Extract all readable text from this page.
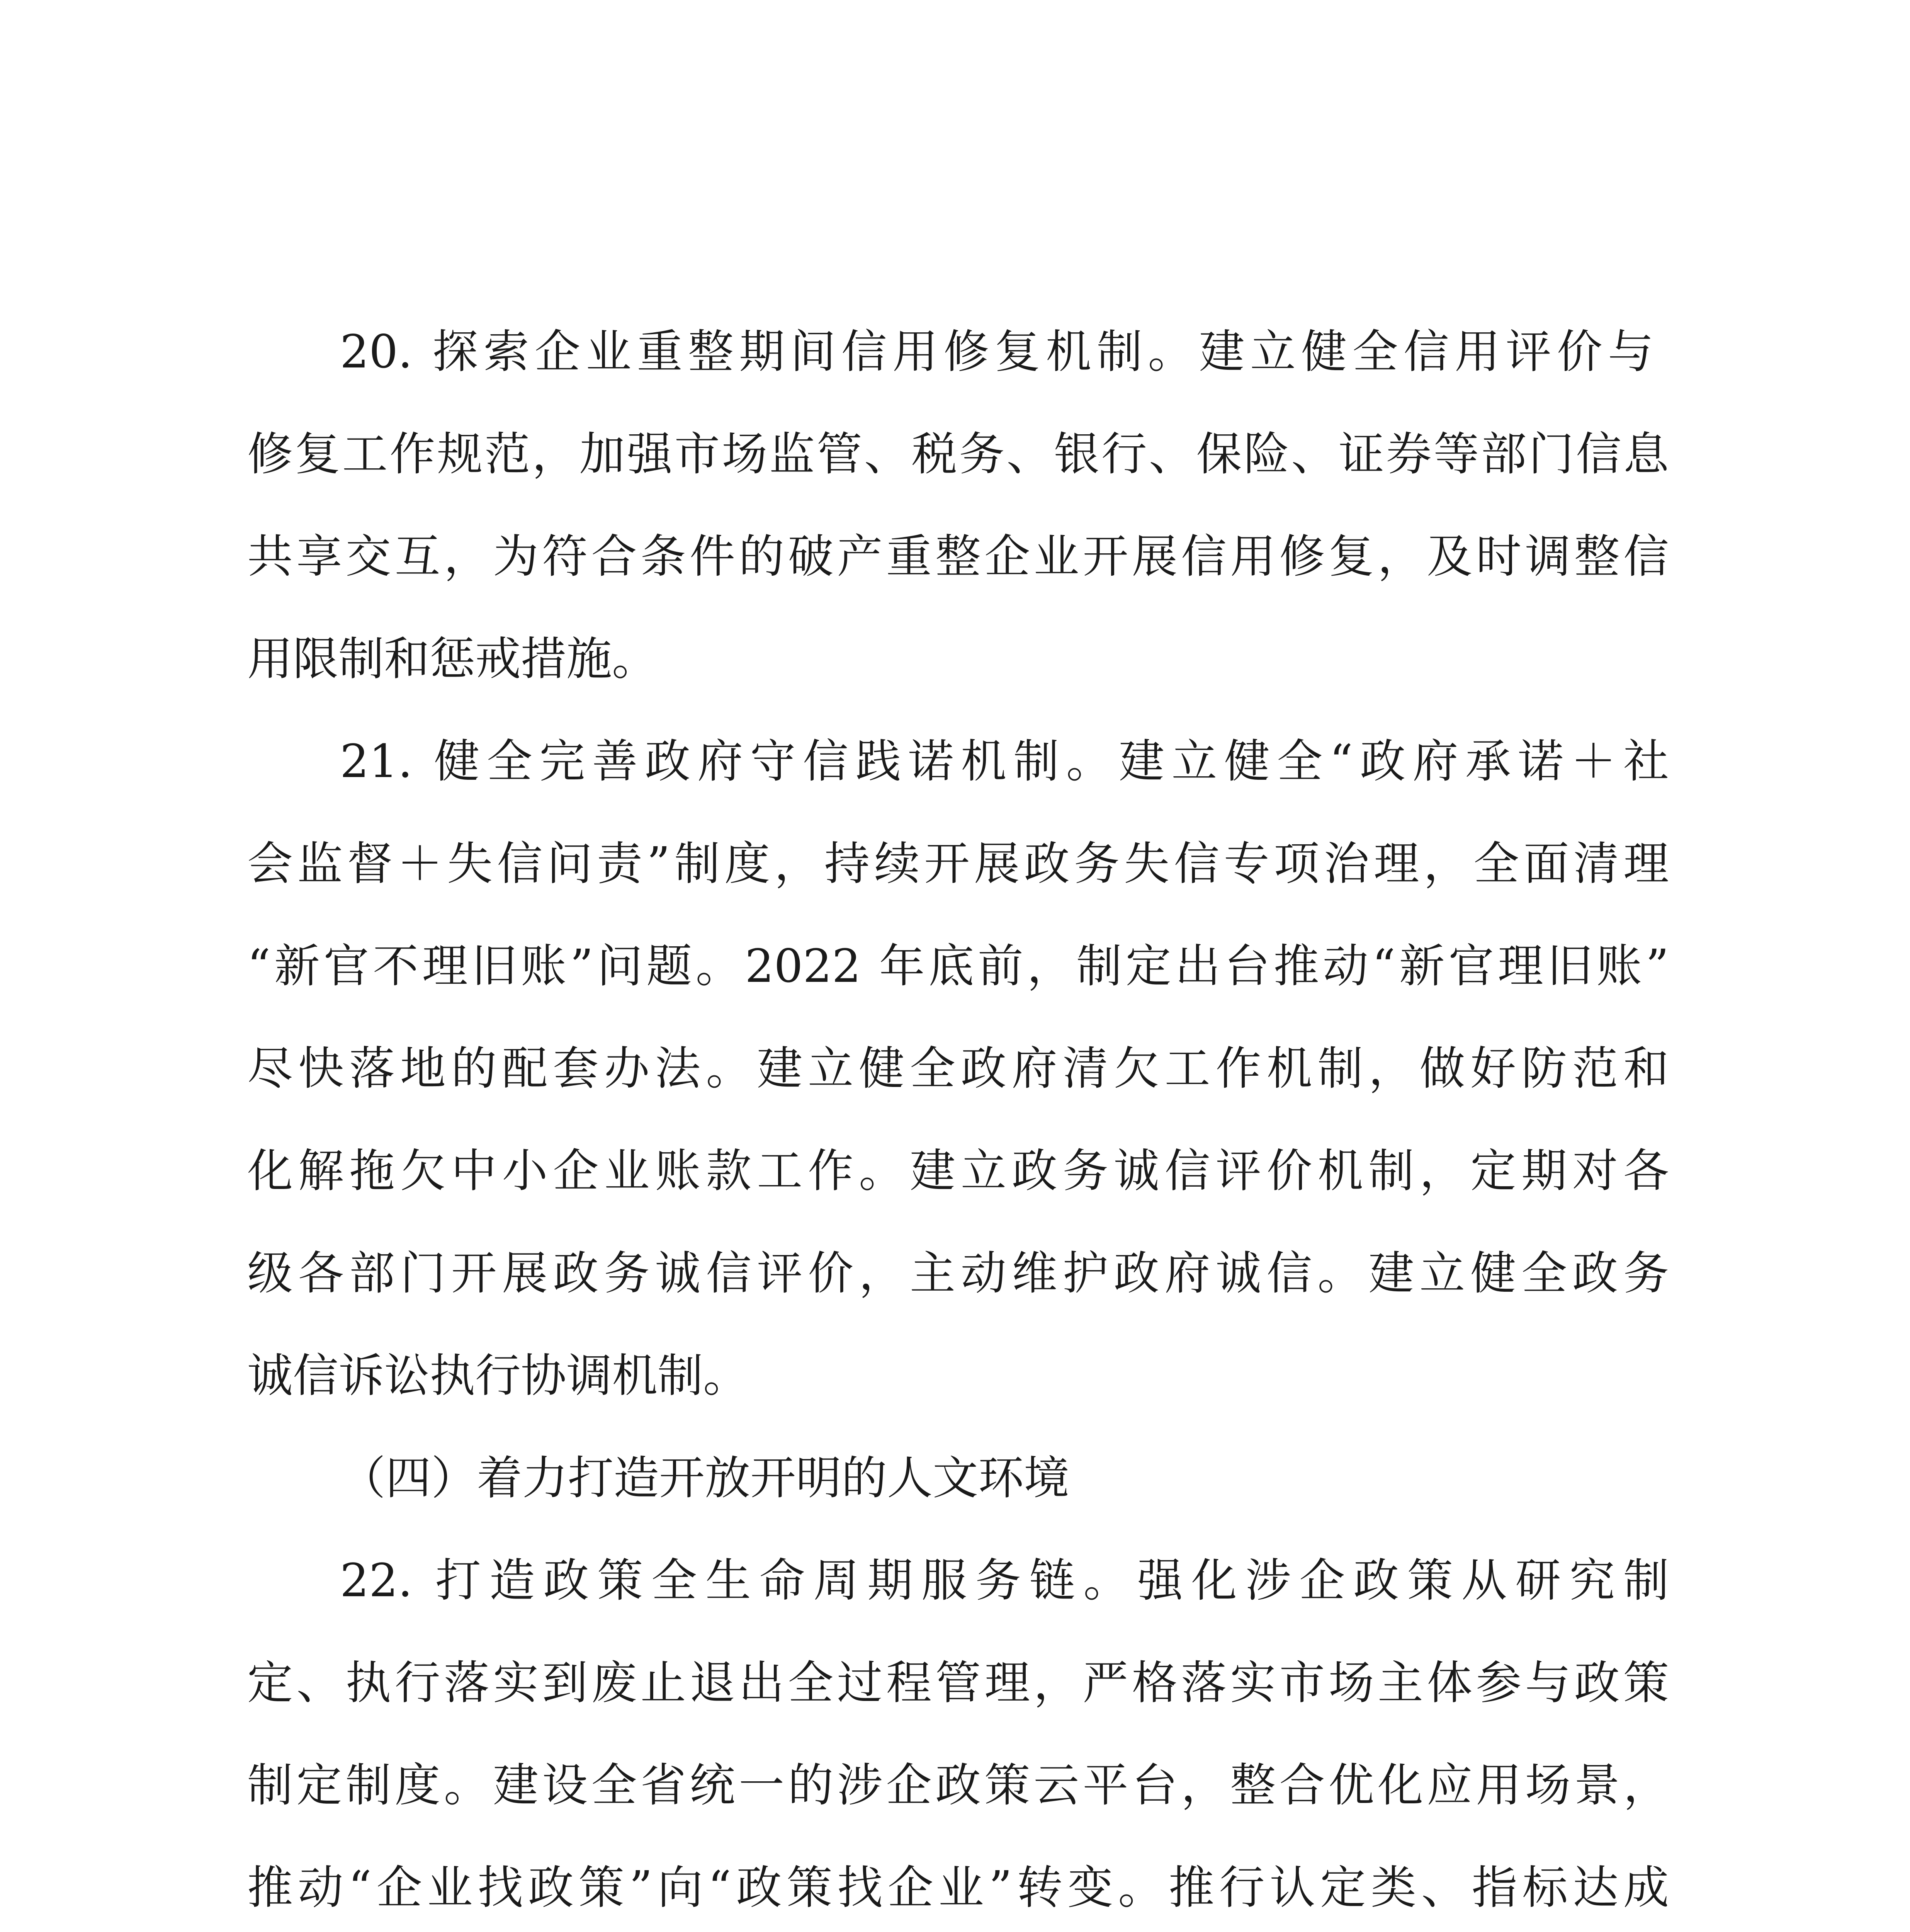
20. 探索企业重整期间信用修复机制。建立健全信用评价与
修复工作规范，加强市场监管、税务、银行、保险、证券等部门信息
共享交互，为符合条件的破产重整企业开展信用修复，及时调整信
用限制和惩戒措施。
21. 健全完善政府守信践诺机制。建立健全“政府承诺＋社
会监督＋失信问责”制度，持续开展政务失信专项治理，全面清理
“新官不理旧账”问题。2022 年底前，制定出台推动“新官理旧账”
尽快落地的配套办法。建立健全政府清欠工作机制，做好防范和
化解拖欠中小企业账款工作。建立政务诚信评价机制，定期对各
级各部门开展政务诚信评价，主动维护政府诚信。建立健全政务
诚信诉讼执行协调机制。
（四）着力打造开放开明的人文环境
22. 打造政策全生命周期服务链。强化涉企政策从研究制
定、执行落实到废止退出全过程管理，严格落实市场主体参与政策
制定制度。建设全省统一的涉企政策云平台，整合优化应用场景，
推动“企业找政策”向“政策找企业”转变。推行认定类、指标达成
